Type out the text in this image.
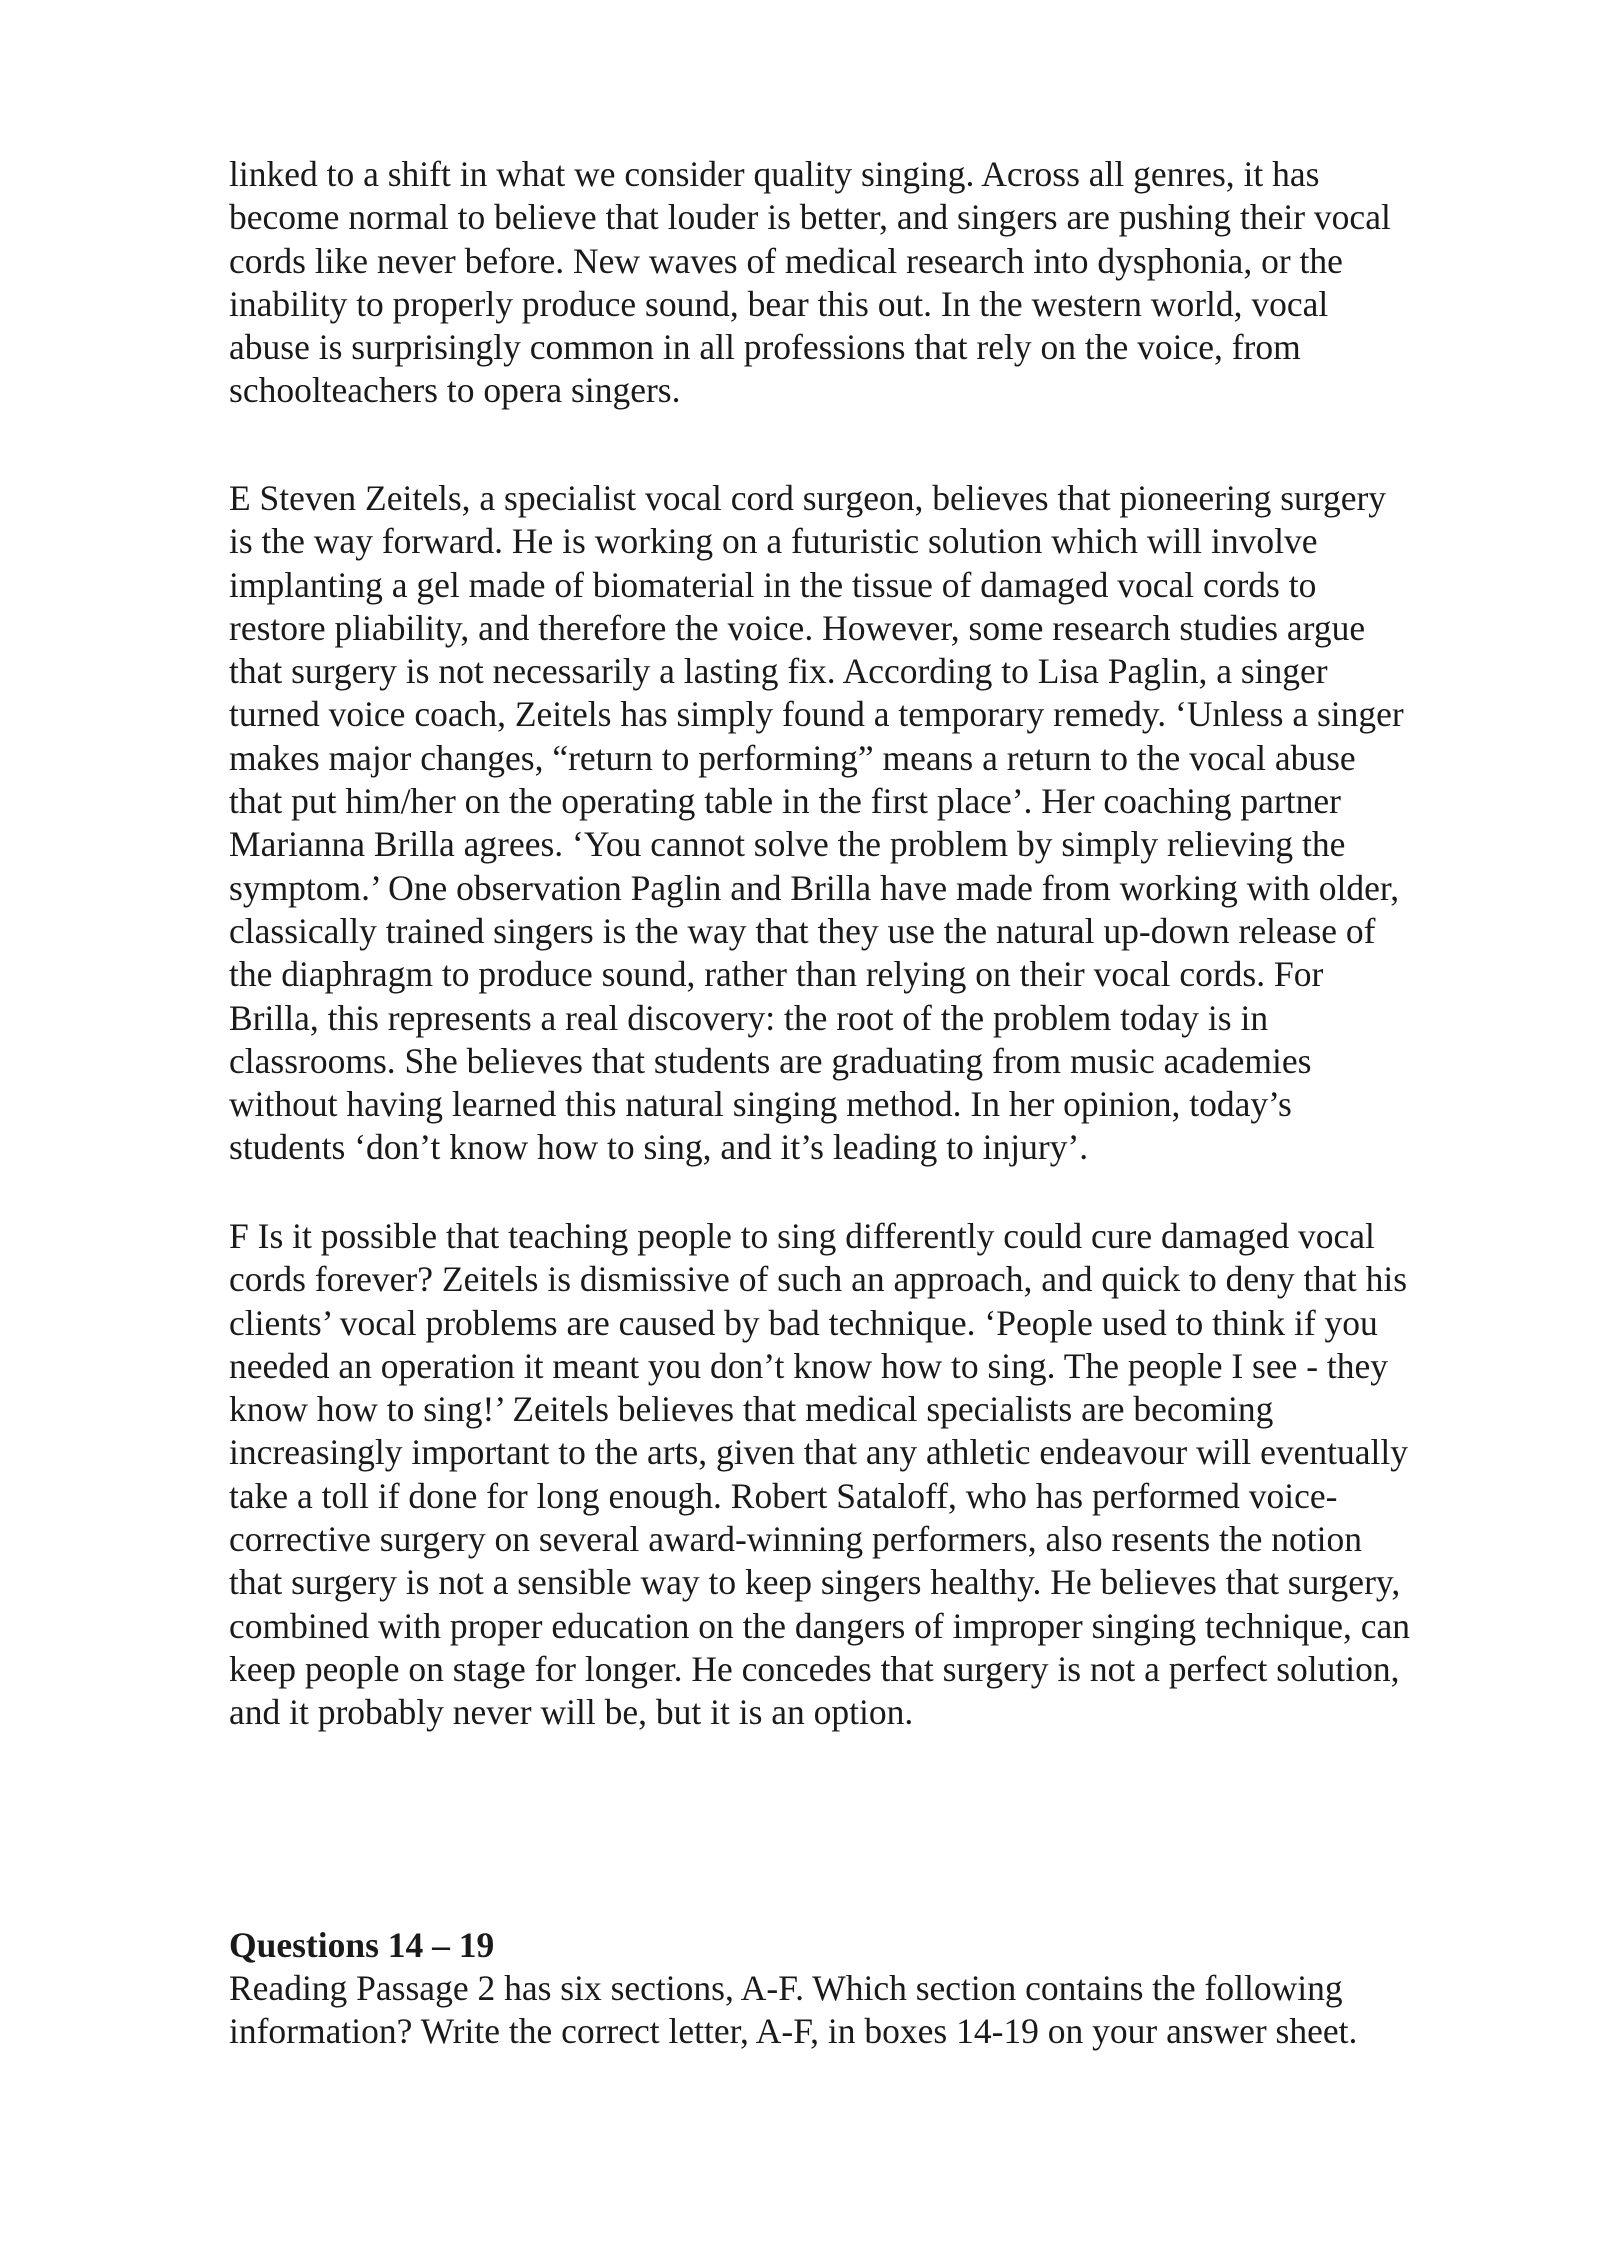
linked to a shift in what we consider quality singing. Across all genres, it has
become normal to believe that louder is better, and singers are pushing their vocal
cords like never before. New waves of medical research into dysphonia, or the
inability to properly produce sound, bear this out. In the western world, vocal
abuse is surprisingly common in all professions that rely on the voice, from
schoolteachers to opera singers.

E Steven Zeitels, a specialist vocal cord surgeon, believes that pioneering surgery
is the way forward. He is working on a futuristic solution which will involve
implanting a gel made of biomaterial in the tissue of damaged vocal cords to
restore pliability, and therefore the voice. However, some research studies argue
that surgery is not necessarily a lasting fix. According to Lisa Paglin, a singer
turned voice coach, Zeitels has simply found a temporary remedy. ‘Unless a singer
makes major changes, “return to performing” means a return to the vocal abuse
that put him/her on the operating table in the first place’. Her coaching partner
Marianna Brilla agrees. ‘You cannot solve the problem by simply relieving the
symptom.’ One observation Paglin and Brilla have made from working with older,
classically trained singers is the way that they use the natural up-down release of
the diaphragm to produce sound, rather than relying on their vocal cords. For
Brilla, this represents a real discovery: the root of the problem today is in
classrooms. She believes that students are graduating from music academies
without having learned this natural singing method. In her opinion, today’s
students ‘don’t know how to sing, and it’s leading to injury’.

F Is it possible that teaching people to sing differently could cure damaged vocal
cords forever? Zeitels is dismissive of such an approach, and quick to deny that his
clients’ vocal problems are caused by bad technique. ‘People used to think if you
needed an operation it meant you don’t know how to sing. The people I see - they
know how to sing!’ Zeitels believes that medical specialists are becoming
increasingly important to the arts, given that any athletic endeavour will eventually
take a toll if done for long enough. Robert Sataloff, who has performed voice-
corrective surgery on several award-winning performers, also resents the notion
that surgery is not a sensible way to keep singers healthy. He believes that surgery,
combined with proper education on the dangers of improper singing technique, can
keep people on stage for longer. He concedes that surgery is not a perfect solution,
and it probably never will be, but it is an option.

Questions 14 – 19

Reading Passage 2 has six sections, A-F. Which section contains the following
information? Write the correct letter, A-F, in boxes 14-19 on your answer sheet.
